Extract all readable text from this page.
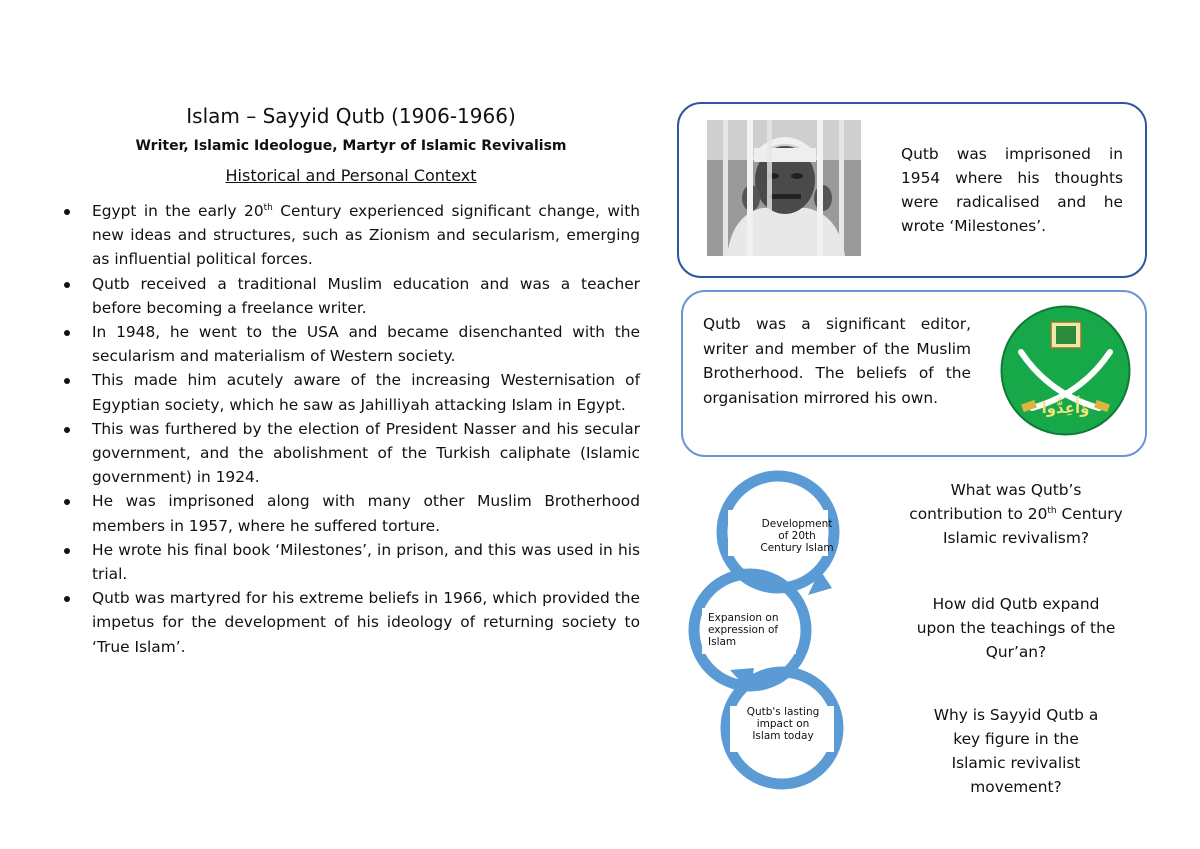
Islam – Sayyid Qutb (1906-1966)
Writer, Islamic Ideologue, Martyr of Islamic Revivalism
Historical and Personal Context
Egypt in the early 20th Century experienced significant change, with new ideas and structures, such as Zionism and secularism, emerging as influential political forces.
Qutb received a traditional Muslim education and was a teacher before becoming a freelance writer.
In 1948, he went to the USA and became disenchanted with the secularism and materialism of Western society.
This made him acutely aware of the increasing Westernisation of Egyptian society, which he saw as Jahilliyah attacking Islam in Egypt.
This was furthered by the election of President Nasser and his secular government, and the abolishment of the Turkish caliphate (Islamic government) in 1924.
He was imprisoned along with many other Muslim Brotherhood members in 1957, where he suffered torture.
He wrote his final book ‘Milestones’, in prison, and this was used in his trial.
Qutb was martyred for his extreme beliefs in 1966, which provided the impetus for the development of his ideology of returning society to ‘True Islam’.
Qutb was imprisoned in 1954 where his thoughts were radicalised and he wrote ‘Milestones’.
Qutb was a significant editor, writer and member of the Muslim Brotherhood. The beliefs of the organisation mirrored his own.
وَأَعِدُّوا
Development
of 20th
Century Islam
Expansion on
expression of
Islam
Qutb's lasting
impact on
Islam today
What was Qutb’s
contribution to 20th Century
Islamic revivalism?
How did Qutb expand
upon the teachings of the
Qur’an?
Why is Sayyid Qutb a
key figure in the
Islamic revivalist
movement?
